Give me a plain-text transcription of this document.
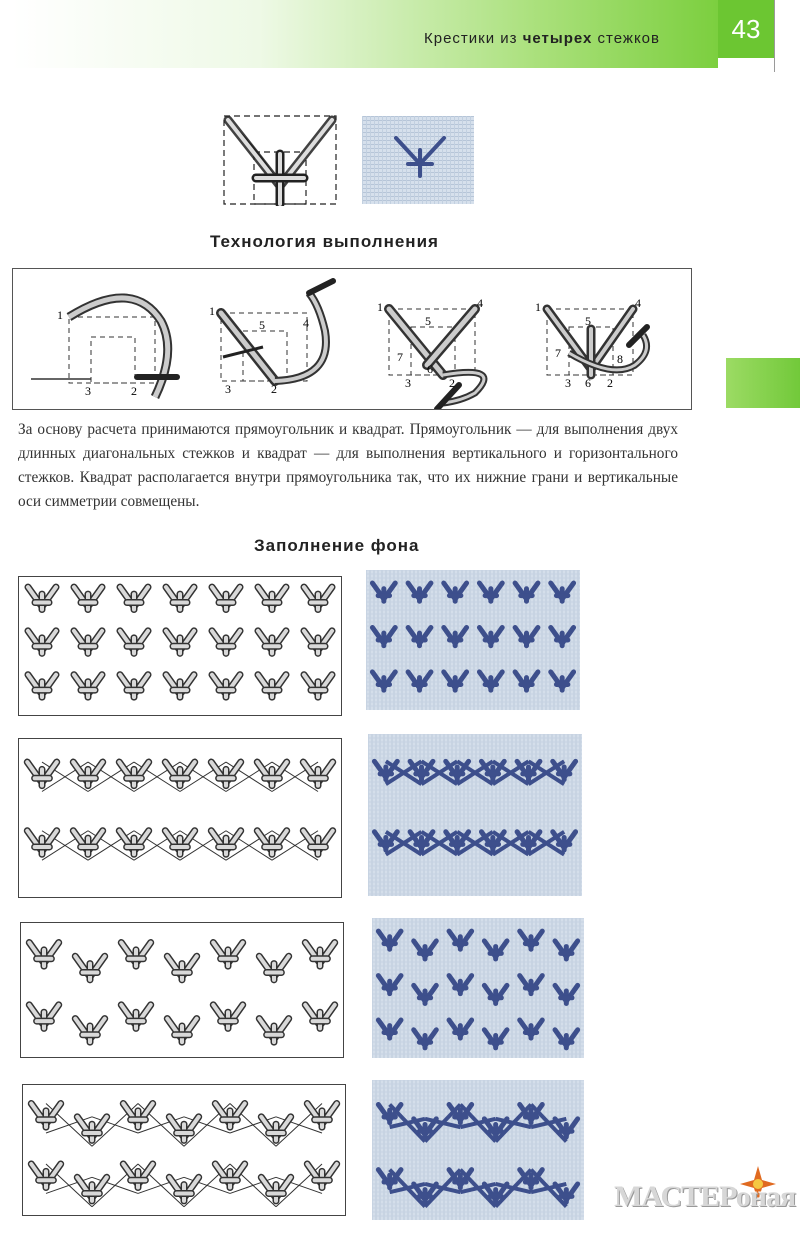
Крестики из четырех стежков	43
Технология выполнения
1
3	2
1
5	4
3	2
1
5
4
7
3
6
2
1
5
4
7	8
3 6 2

За основу расчета принимаются прямоугольник и квадрат. Прямоугольник — для выполнения двух длинных диагональных стежков и квадрат — для выполнения вертикального и горизонтального стежков. Квадрат располагается внутри прямоугольника так, что их нижние грани и вертикальные оси симметрии совмещены.

Заполнение фона
МАСТЕРоная
